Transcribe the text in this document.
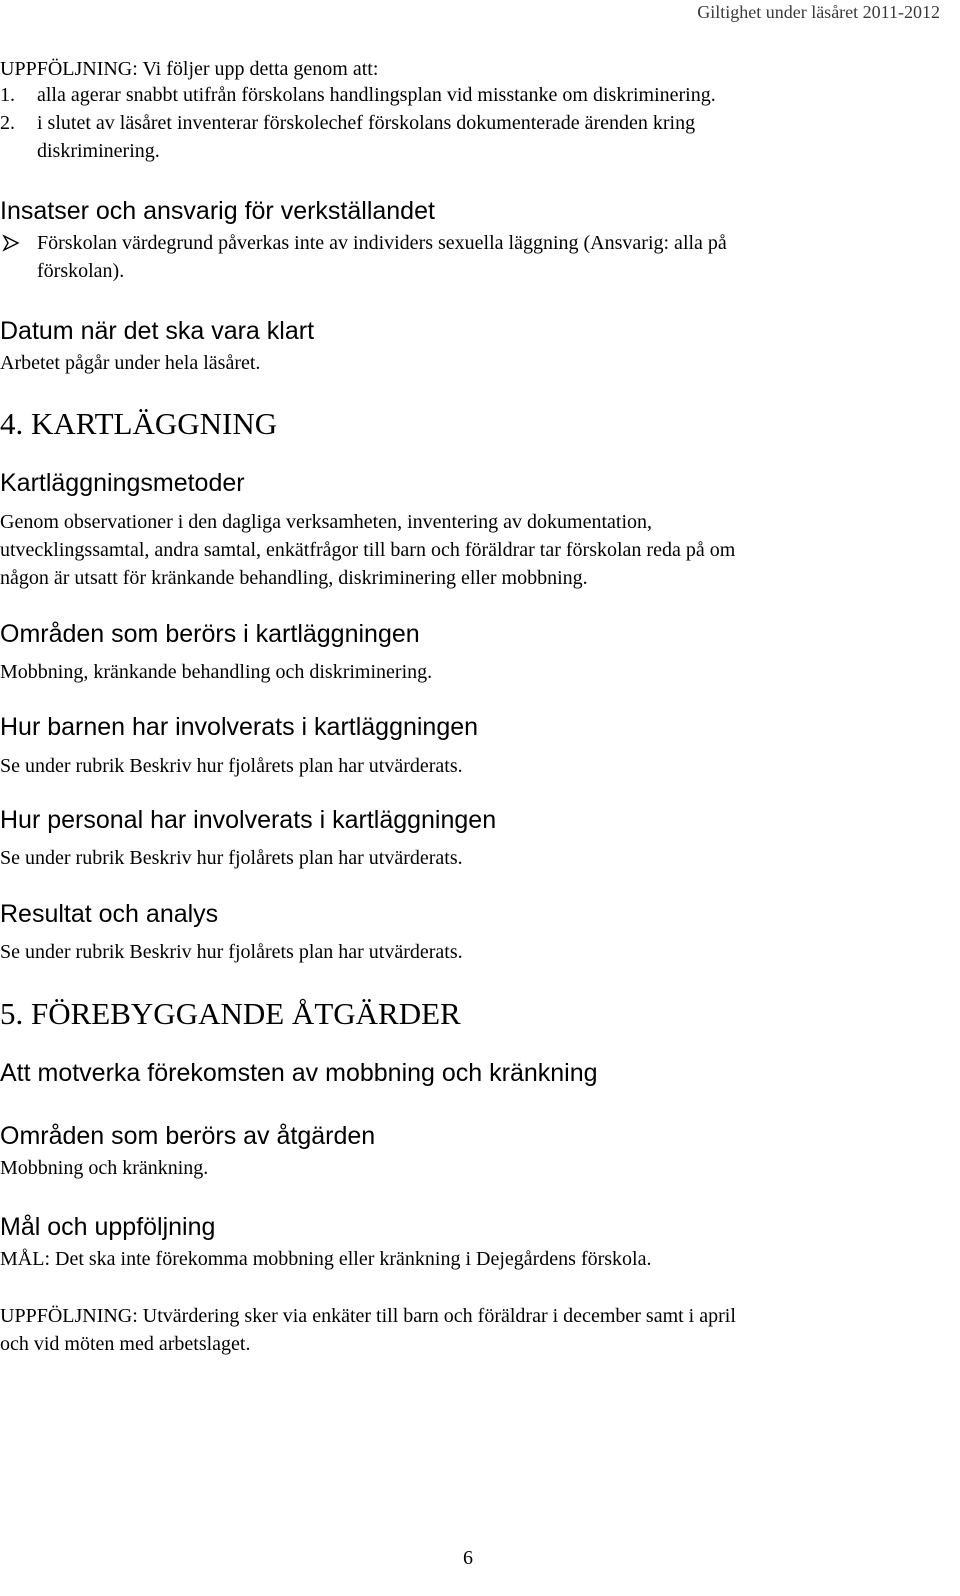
Giltighet under läsåret 2011-2012
UPPFÖLJNING: Vi följer upp detta genom att:
1. alla agerar snabbt utifrån förskolans handlingsplan vid misstanke om diskriminering.
2. i slutet av läsåret inventerar förskolechef förskolans dokumenterade ärenden kring
diskriminering.
Insatser och ansvarig för verkställandet
Förskolan värdegrund påverkas inte av individers sexuella läggning (Ansvarig: alla på
förskolan).
Datum när det ska vara klart
Arbetet pågår under hela läsåret.
4. KARTLÄGGNING
Kartläggningsmetoder
Genom observationer i den dagliga verksamheten, inventering av dokumentation,
utvecklingssamtal, andra samtal, enkätfrågor till barn och föräldrar tar förskolan reda på om
någon är utsatt för kränkande behandling, diskriminering eller mobbning.
Områden som berörs i kartläggningen
Mobbning, kränkande behandling och diskriminering.
Hur barnen har involverats i kartläggningen
Se under rubrik Beskriv hur fjolårets plan har utvärderats.
Hur personal har involverats i kartläggningen
Se under rubrik Beskriv hur fjolårets plan har utvärderats.
Resultat och analys
Se under rubrik Beskriv hur fjolårets plan har utvärderats.
5. FÖREBYGGANDE ÅTGÄRDER
Att motverka förekomsten av mobbning och kränkning
Områden som berörs av åtgärden
Mobbning och kränkning.
Mål och uppföljning
MÅL: Det ska inte förekomma mobbning eller kränkning i Dejegårdens förskola.
UPPFÖLJNING: Utvärdering sker via enkäter till barn och föräldrar i december samt i april
och vid möten med arbetslaget.
6
